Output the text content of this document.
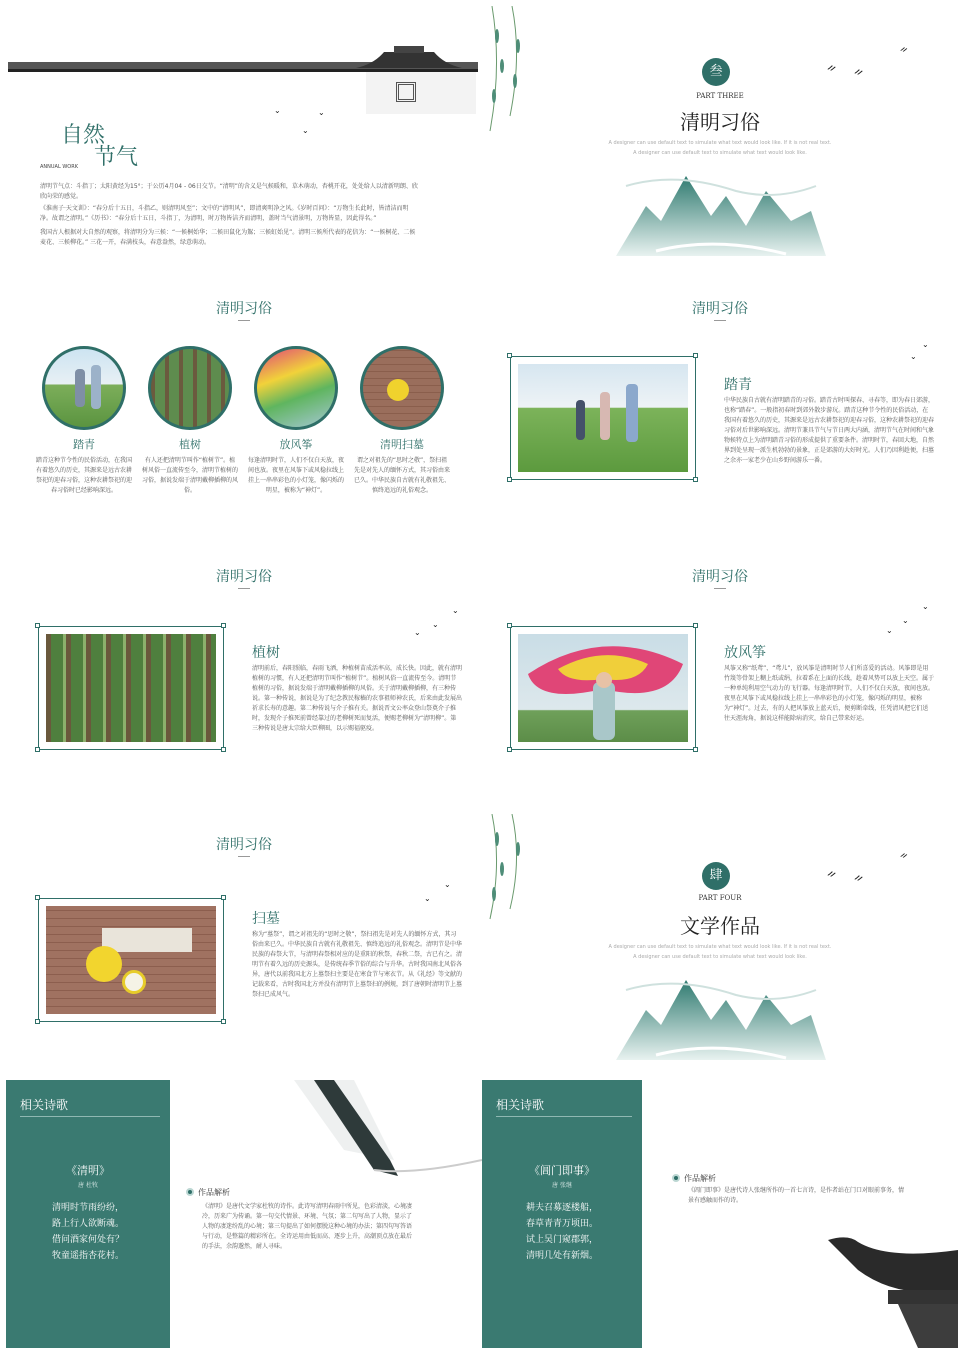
⌄	⌄
⌄
自然
节气
ANNUAL WORK
清明节气点：斗指丁；太阳黄经为15°；于公历4月04 - 06日交节。“清明”的含义是气候暖和，草木萌动，杏桃开花，处处给人以清新明朗、欣欣向荣的感觉。
《淮南子·天文训》：“春分后十五日，斗指乙，则清明风至”；文中的“清明风”，即清爽明净之风。《岁时百问》：“万物生长此时，皆清洁而明净。故谓之清明。”《历书》：“春分后十五日，斗指丁，为清明，时万物皆洁齐而清明，盖时当气清景明，万物皆显，因此得名。”
我国古人根据对大自然的观察，将清明分为三候：“一候桐始华；二候田鼠化为鴽；三候虹始见”。清明三候所代表的花信为：“一候桐花、二候麦花、三候柳花。” 三花一开，春满枝头，春意盎然，绿意萌动。
ᨀ ᨀ
ᨀ
叁
PART THREE
清明习俗
A designer can use default text to simulate what text would look like. If it is not real text.
A designer can use default text to simulate what text would look like.
清明习俗
踏青
踏青这种节令性的民俗活动，在我国有着悠久的历史，其源来是远古农耕祭祀的迎春习俗，这种农耕祭祀的迎春习俗时已经影响深远。
植树
有人还把清明节叫作“植树节”。植树风俗一直流传至今，清明节植树的习俗，据说发端于清明戴柳插柳的风俗。
放风筝
每逢清明时节，人们不仅白天放，夜间也放。夜里在风筝下或风稳拉线上挂上一串串彩色的小灯笼，像闪烁的明星，被称为“神灯”。
清明扫墓
谓之对祖先的“思时之敬”，祭扫祖先是对先人的缅怀方式，其习俗由来已久。中华民族自古就有礼敬祖先、慎终追远的礼俗观念。
清明习俗
⌄
⌄
踏青
中华民族自古就有清明踏青的习俗。踏青古时叫探春、寻春等，即为春日郊游，也称“踏春”。一般指初春时到郊外散步游玩。踏青这种节令性的民俗活动，在我国有着悠久的历史，其源来是远古农耕祭祀的迎春习俗，这种农耕祭祀的迎春习俗对后世影响深远。清明节兼具节气与节日两大内涵，清明节气在时间和气象物候特点上为清明踏青习俗的形成提供了重要条件。清明时节，春回大地，自然界到处呈现一派生机勃勃的景象，正是郊游的大好时光。人们乃因利趁便，扫墓之余亦一家老少在山乡野间游乐一番。
清明习俗
⌄
⌄
⌄
植树
清明前后，春阳照临，春雨飞洒，种植树苗成活率高，成长快。因此，就有清明植树的习惯，有人还把清明节叫作“植树节”。植树风俗一直流传至今。清明节植树的习俗，据说发端于清明戴柳插柳的风俗。关于清明戴柳插柳，有三种传说。第一种传说，据说是为了纪念教民稼穑的农事祖师神农氏，后来由此发展出祈求长寿的意趣。第二种传说与介子推有关。据说晋文公率众登山祭奠介子推时，发现介子推死前曾经靠过的老柳树死而复活，便赐老柳树为“清明柳”。第三种传说是唐太宗给大臣柳圈，以示赐福驱疫。
清明习俗
⌄
⌄
⌄
放风筝
风筝又称“纸鸢”、“鸢儿”，放风筝是清明时节人们所喜爱的活动。风筝即是用竹篾等骨架上糊上纸或绢，拉着系在上面的长线，趁着风势可以放上天空。属于一种单纯利用空气动力的飞行器。每逢清明时节，人们不仅白天放，夜间也放。夜里在风筝下或风稳拉线上挂上一串串彩色的小灯笼，像闪烁的明星，被称为“神灯”。过去，有的人把风筝放上蓝天后，便剪断牵线，任凭清风把它们送往天涯海角，据说这样能除病消灾，给自己带来好运。
清明习俗
⌄
⌄
扫墓
称为“墓祭”，谓之对祖先的“思时之敬”，祭扫祖先是对先人的缅怀方式，其习俗由来已久。中华民族自古就有礼敬祖先、慎终追远的礼俗观念。清明节是中华民族的春祭大节，与清明春祭相对应的是重阳的秋祭，春秋二祭，古已有之。清明节有着久远的历史源头，是传统春季节俗的综合与升华。古时我国南北风俗各异，唐代以前我国北方上墓祭扫主要是在寒食节与寒衣节。从《礼经》等文献的记载来看，古时我国北方并没有清明节上墓祭扫的例规，到了唐朝时清明节上墓祭扫已成风气。
ᨀ ᨀ
ᨀ
肆
PART FOUR
文学作品
A designer can use default text to simulate what text would look like. If it is not real text.
A designer can use default text to simulate what text would look like.
相关诗歌
《清明》
唐 杜牧
清明时节雨纷纷，
路上行人欲断魂。
借问酒家何处有？
牧童遥指杏花村。
作品解析
《清明》是唐代文学家杜牧的诗作。此诗写清明春雨中所见，色彩清淡，心境凄冷，历来广为传诵。第一句交代情景、环境、气氛；第二句写出了人物，显示了人物的凄迷纷乱的心境；第三句提出了如何摆脱这种心境的办法；第四句写答语与行动，是整篇的精彩所在。全诗运用由低而高、逐步上升，高潮顶点放在最后的手法，余韵邈然，耐人寻味。
相关诗歌
《阊门即事》
唐 张继
耕夫召募逐楼船，
春草青青万顷田。
试上吴门窥郡郭，
清明几处有新烟。
作品解析
《阊门即事》是唐代诗人张继所作的一首七言诗，是作者站在门口对眼前事务，情景有感触而作的诗。
